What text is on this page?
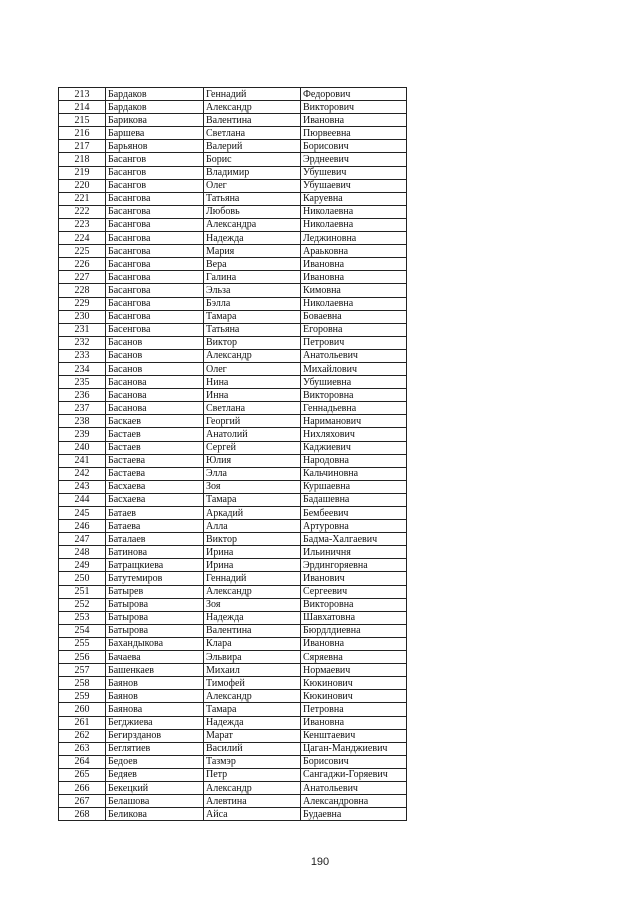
213	Бардаков	Геннадий	Федорович
214	Бардаков	Александр	Викторович
215	Барикова	Валентина	Ивановна
216	Баршева	Светлана	Пюрвеевна
217	Барьянов	Валерий	Борисович
218	Басангов	Борис	Эрднеевич
219	Басангов	Владимир	Убушевич
220	Басангов	Олег	Убушаевич
221	Басангова	Татьяна	Каруевна
222	Басангова	Любовь	Николаевна
223	Басангова	Александра	Николаевна
224	Басангова	Надежда	Леджиновна
225	Басангова	Мария	Араьковна
226	Басангова	Вера	Ивановна
227	Басангова	Галина	Ивановна
228	Басангова	Эльза	Кимовна
229	Басангова	Бэлла	Николаевна
230	Басангова	Тамара	Боваевна
231	Басенгова	Татьяна	Егоровна
232	Басанов	Виктор	Петрович
233	Басанов	Александр	Анатольевич
234	Басанов	Олег	Михайлович
235	Басанова	Нина	Убушиевна
236	Басанова	Инна	Викторовна
237	Басанова	Светлана	Геннадьевна
238	Баскаев	Георгий	Нариманович
239	Бастаев	Анатолий	Нихляхович
240	Бастаев	Сергей	Каджиевич
241	Бастаева	Юлия	Народовна
242	Бастаева	Элла	Кальчиновна
243	Басхаева	Зоя	Куршаевна
244	Басхаева	Тамара	Бадашевна
245	Батаев	Аркадий	Бембеевич
246	Батаева	Алла	Артуровна
247	Баталаев	Виктор	Бадма-Халгаевич
248	Батинова	Ирина	Ильиничня
249	Батращкиева	Ирина	Эрдингоряевна
250	Батутемиров	Геннадий	Иванович
251	Батырев	Александр	Сергеевич
252	Батырова	Зоя	Викторовна
253	Батырова	Надежда	Шавхатовна
254	Батырова	Валентина	Бюрдлдиевна
255	Бахандыкова	Клара	Ивановна
256	Бачаева	Эльвира	Сяряевна
257	Башенкаев	Михаил	Нормаевич
258	Баянов	Тимофей	Кюкинович
259	Баянов	Александр	Кюкинович
260	Баянова	Тамара	Петровна
261	Бегджиева	Надежда	Ивановна
262	Бегирзданов	Марат	Кенштаевич
263	Беглятиев	Василий	Цаган-Манджиевич
264	Бедоев	Тазмэр	Борисович
265	Бедяев	Петр	Сангаджи-Горяевич
266	Бекецкий	Александр	Анатольевич
267	Белашова	Алевтина	Александровна
268	Беликова	Айса	Будаевна
190
